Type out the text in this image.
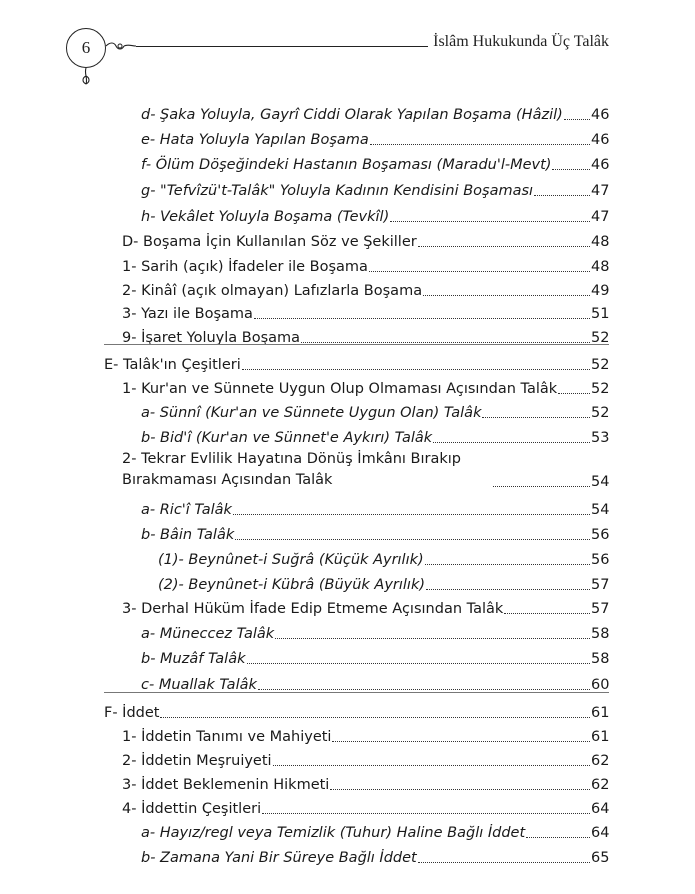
6	İslâm Hukukunda Üç Talâk
d- Şaka Yoluyla, Gayrî Ciddi Olarak Yapılan Boşama (Hâzil) 46
e- Hata Yoluyla Yapılan Boşama	46
f- Ölüm Döşeğindeki Hastanın Boşaması (Maradu'l-Mevt)	46
g- "Tefvîzü't-Talâk" Yoluyla Kadının Kendisini Boşaması	47
h- Vekâlet Yoluyla Boşama (Tevkîl)	47
D- Boşama İçin Kullanılan Söz ve Şekiller	48
1- Sarih (açık) İfadeler ile Boşama	48
2- Kinâî (açık olmayan) Lafızlarla Boşama	49
3- Yazı ile Boşama	51
9- İşaret Yoluyla Boşama	52
E- Talâk'ın Çeşitleri	52
1- Kur'an ve Sünnete Uygun Olup Olmaması Açısından Talâk 52
a- Sünnî (Kur'an ve Sünnete Uygun Olan) Talâk	52
b- Bid'î (Kur'an ve Sünnet'e Aykırı) Talâk	53
2- Tekrar Evlilik Hayatına Dönüş İmkânı Bırakıp Bırakmaması Açısından Talâk	54
a- Ric'î Talâk	54
b- Bâin Talâk	56
(1)- Beynûnet-i Suğrâ (Küçük Ayrılık)	56
(2)- Beynûnet-i Kübrâ (Büyük Ayrılık)	57
3- Derhal Hüküm İfade Edip Etmeme Açısından Talâk	57
a- Müneccez Talâk	58
b- Muzâf Talâk	58
c- Muallak Talâk	60
F- İddet	61
1- İddetin Tanımı ve Mahiyeti	61
2- İddetin Meşruiyeti	62
3- İddet Beklemenin Hikmeti	62
4- İddettin Çeşitleri	64
a- Hayız/regl veya Temizlik (Tuhur) Haline Bağlı İddet	64
b- Zamana Yani Bir Süreye Bağlı İddet	65
